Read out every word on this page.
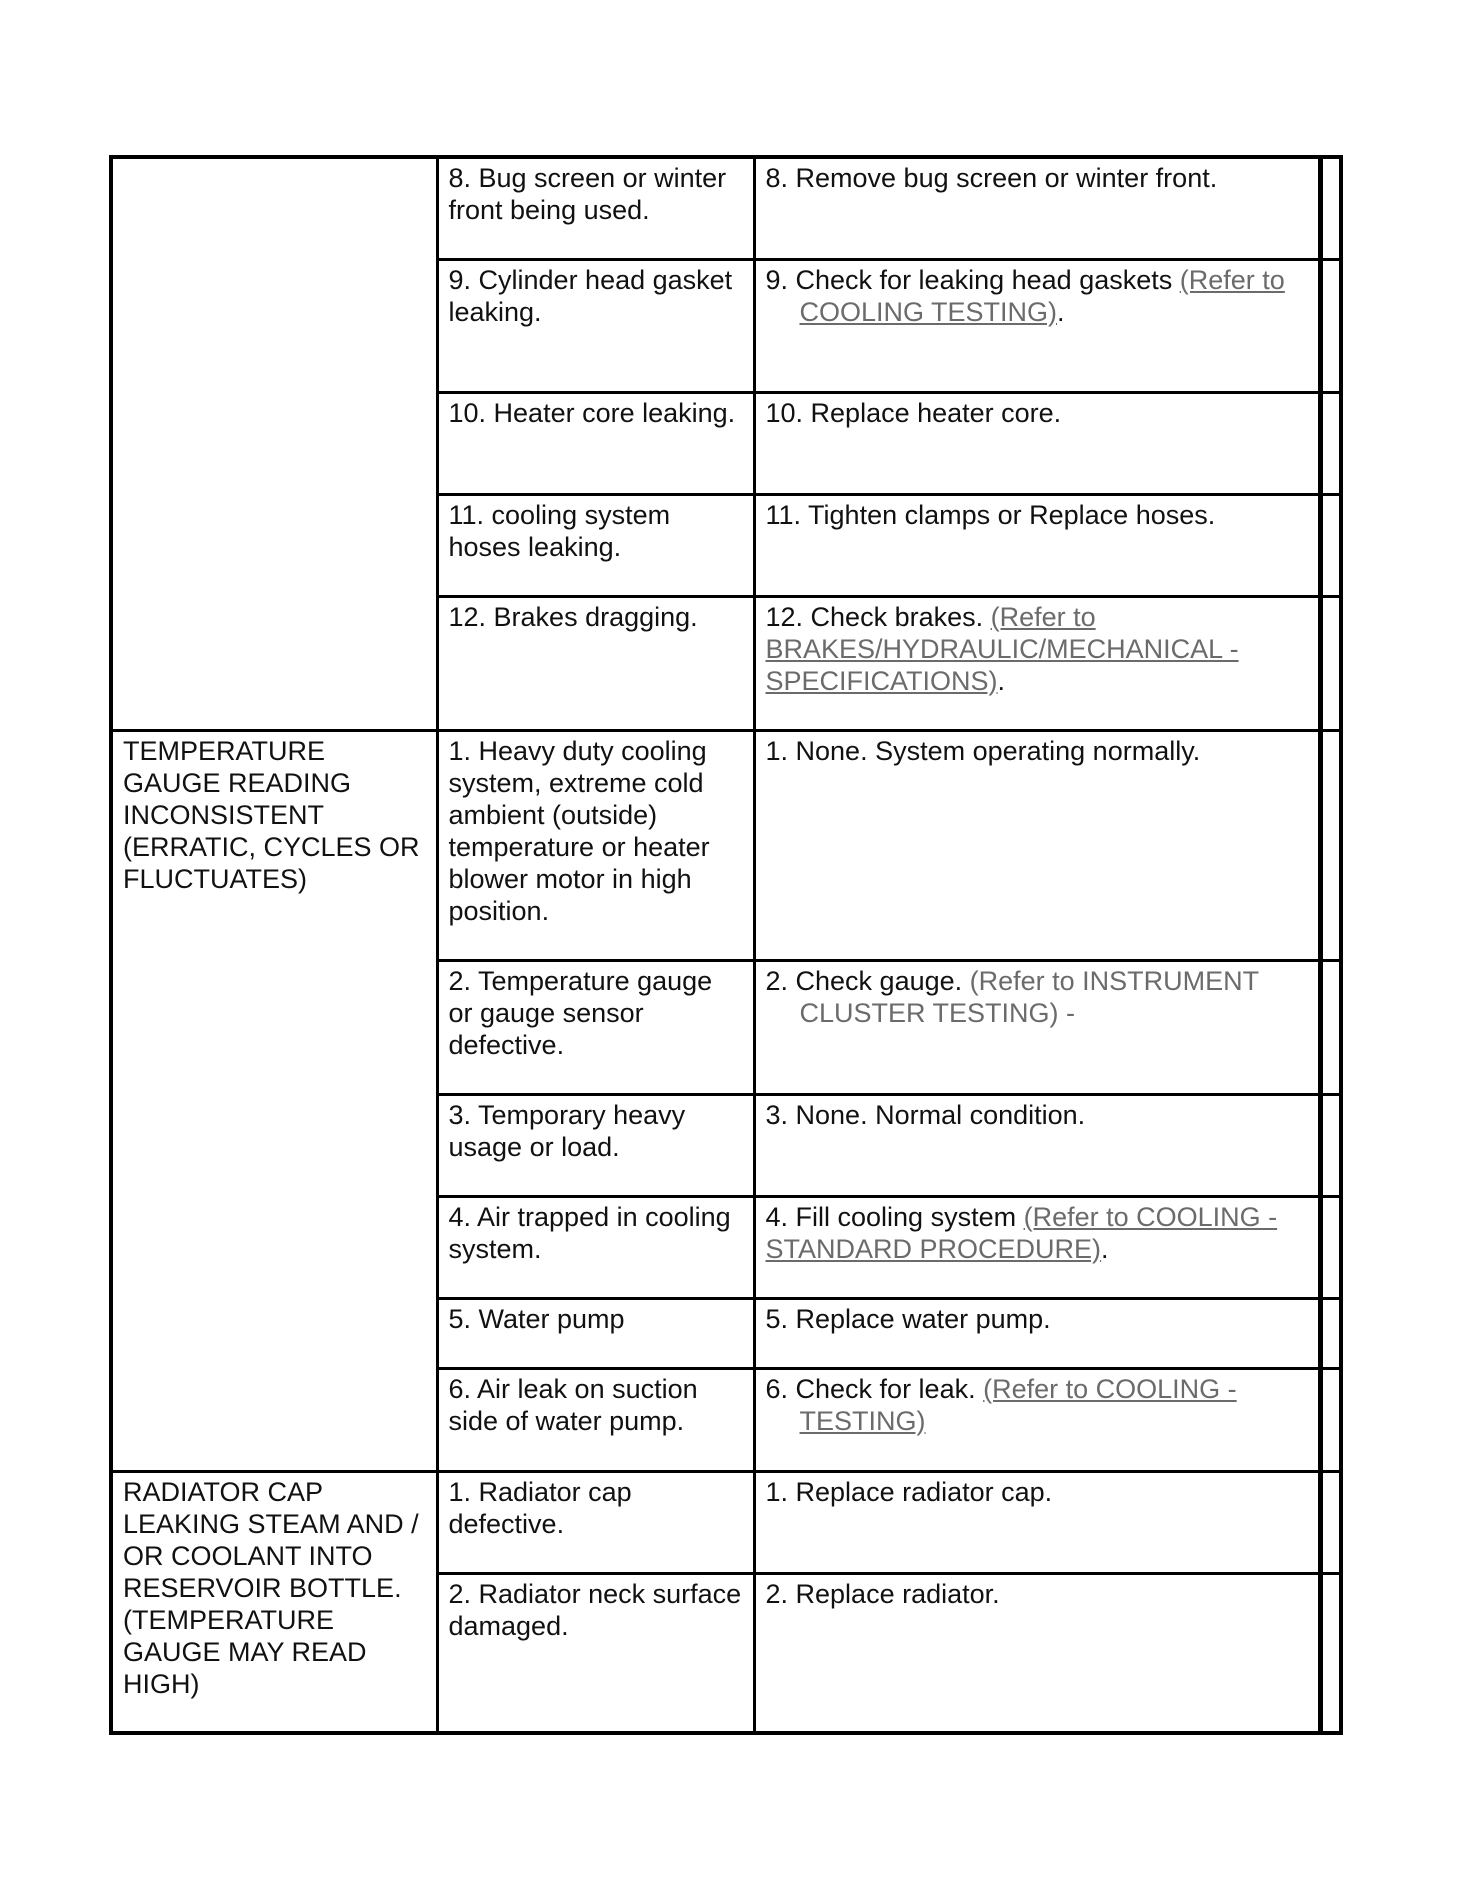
	8. Bug screen or winter front being used.	8. Remove bug screen or winter front.	

	9. Cylinder head gasket leaking.	9. Check for leaking head gaskets (Refer to COOLING TESTING).	

	10. Heater core leaking.	10. Replace heater core.	

	11. cooling system hoses leaking.	11. Tighten clamps or Replace hoses.	

	12. Brakes dragging.	12. Check brakes. (Refer to BRAKES/HYDRAULIC/MECHANICAL - SPECIFICATIONS).	

TEMPERATURE GAUGE READING INCONSISTENT (ERRATIC, CYCLES OR FLUCTUATES)	1. Heavy duty cooling system, extreme cold ambient (outside) temperature or heater blower motor in high position.	1. None. System operating normally.	

	2. Temperature gauge or gauge sensor defective.	2. Check gauge. (Refer to INSTRUMENT CLUSTER TESTING) -	

	3. Temporary heavy usage or load.	3. None. Normal condition.	

	4. Air trapped in cooling system.	4. Fill cooling system (Refer to COOLING - STANDARD PROCEDURE).	

	5. Water pump	5. Replace water pump.	

	6. Air leak on suction side of water pump.	6. Check for leak. (Refer to COOLING - TESTING)	

RADIATOR CAP LEAKING STEAM AND / OR COOLANT INTO RESERVOIR BOTTLE. (TEMPERATURE GAUGE MAY READ HIGH)	1. Radiator cap defective.	1. Replace radiator cap.	

	2. Radiator neck surface damaged.	2. Replace radiator.	
